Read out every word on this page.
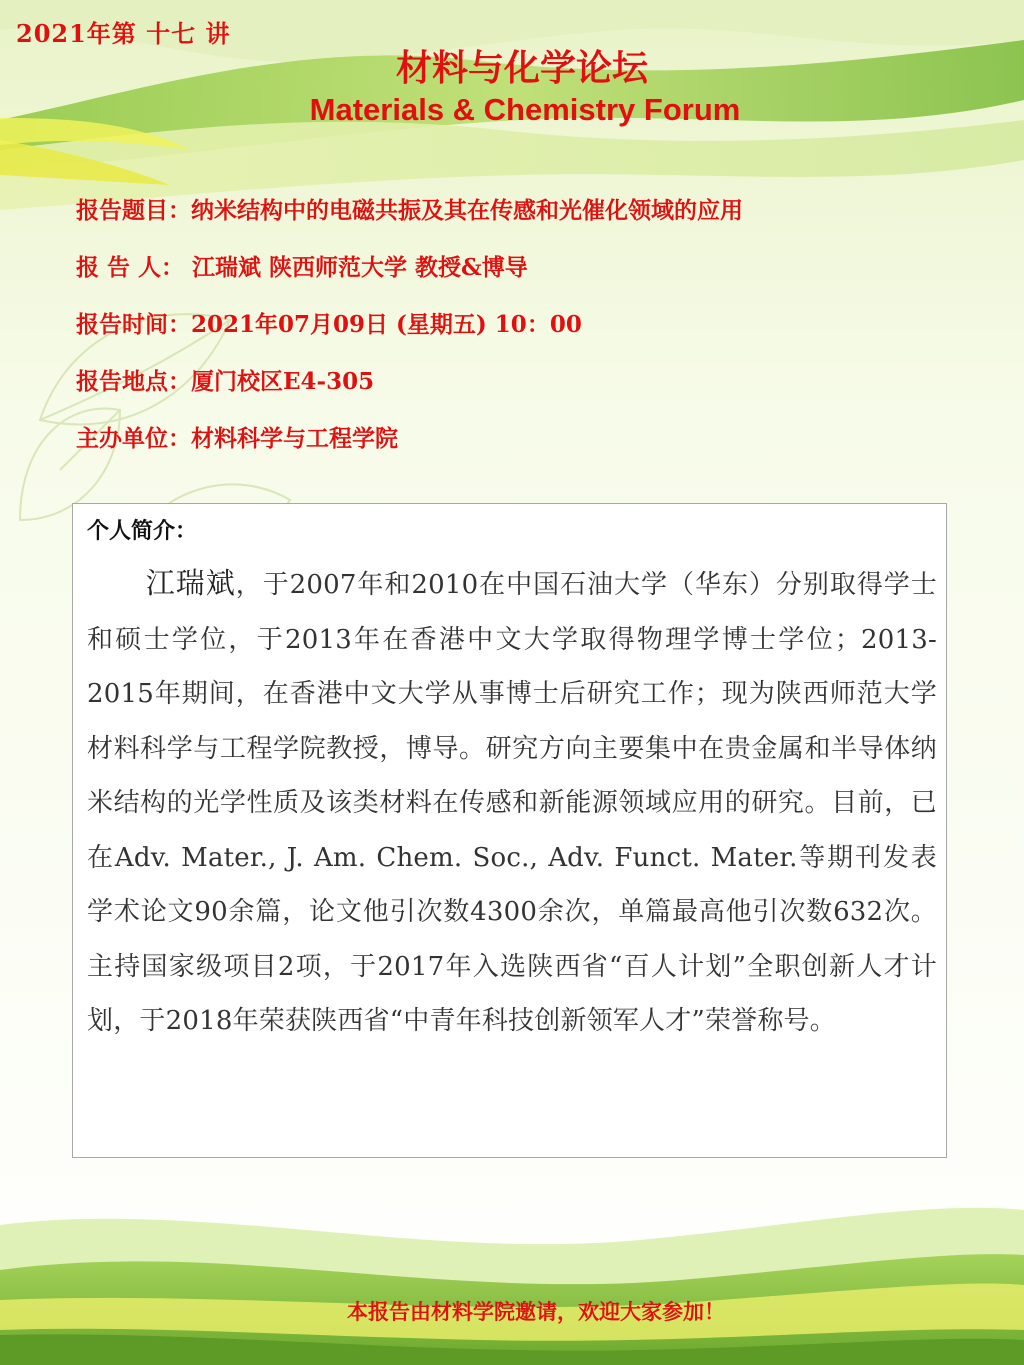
2021年第 十七 讲
材料与化学论坛
Materials & Chemistry Forum
报告题目：纳米结构中的电磁共振及其在传感和光催化领域的应用
报 告 人： 江瑞斌 陕西师范大学 教授&博导
报告时间：2021年07月09日 (星期五) 10：00
报告地点：厦门校区E4-305
主办单位：材料科学与工程学院
个人简介：
江瑞斌，于2007年和2010在中国石油大学（华东）分别取得学士和硕士学位，于2013年在香港中文大学取得物理学博士学位；2013-2015年期间，在香港中文大学从事博士后研究工作；现为陕西师范大学材料科学与工程学院教授，博导。研究方向主要集中在贵金属和半导体纳米结构的光学性质及该类材料在传感和新能源领域应用的研究。目前，已在Adv. Mater., J. Am. Chem. Soc., Adv. Funct. Mater.等期刊发表学术论文90余篇，论文他引次数4300余次，单篇最高他引次数632次。主持国家级项目2项，于2017年入选陕西省“百人计划”全职创新人才计划，于2018年荣获陕西省“中青年科技创新领军人才”荣誉称号。
本报告由材料学院邀请，欢迎大家参加！
